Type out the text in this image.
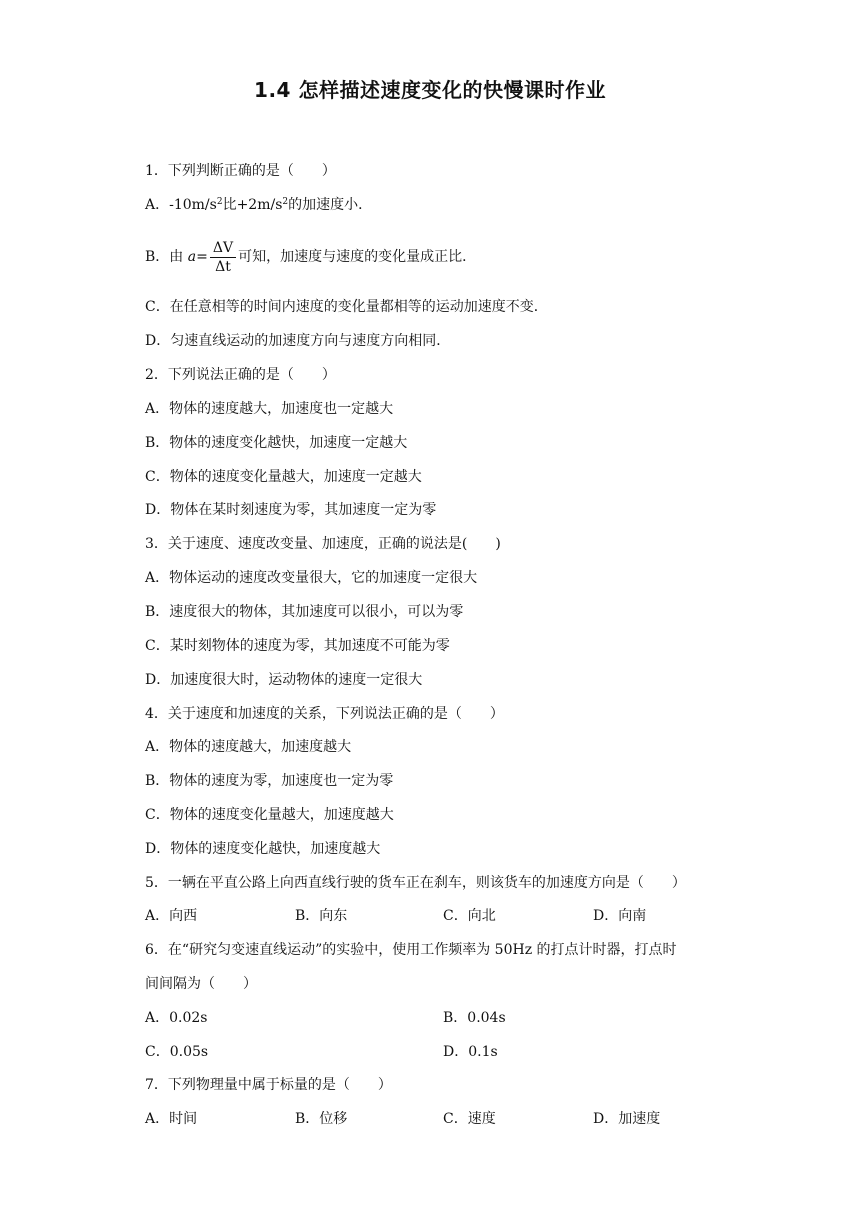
1.4 怎样描述速度变化的快慢课时作业
1．下列判断正确的是（　　）
A．$-10m/s^2$比$+2m/s^2$的加速度小．
B．由 $a= \frac{\Delta V}{\Delta t}$ 可知，加速度与速度的变化量成正比．
C．在任意相等的时间内速度的变化量都相等的运动加速度不变．
D．匀速直线运动的加速度方向与速度方向相同．
2．下列说法正确的是（　　）
A．物体的速度越大，加速度也一定越大
B．物体的速度变化越快，加速度一定越大
C．物体的速度变化量越大，加速度一定越大
D．物体在某时刻速度为零，其加速度一定为零
3．关于速度、速度改变量、加速度，正确的说法是(　　)
A．物体运动的速度改变量很大，它的加速度一定很大
B．速度很大的物体，其加速度可以很小，可以为零
C．某时刻物体的速度为零，其加速度不可能为零
D．加速度很大时，运动物体的速度一定很大
4．关于速度和加速度的关系，下列说法正确的是（　　）
A．物体的速度越大，加速度越大
B．物体的速度为零，加速度也一定为零
C．物体的速度变化量越大，加速度越大
D．物体的速度变化越快，加速度越大
5．一辆在平直公路上向西直线行驶的货车正在刹车，则该货车的加速度方向是（　　）
A．向西	B．向东	C．向北	D．向南
6．在“研究匀变速直线运动”的实验中，使用工作频率为 50Hz 的打点计时器，打点时
间间隔为（　　）
A．0.02s	B．0.04s
C．0.05s	D．0.1s
7．下列物理量中属于标量的是（　　）
A．时间	B．位移	C．速度	D．加速度
